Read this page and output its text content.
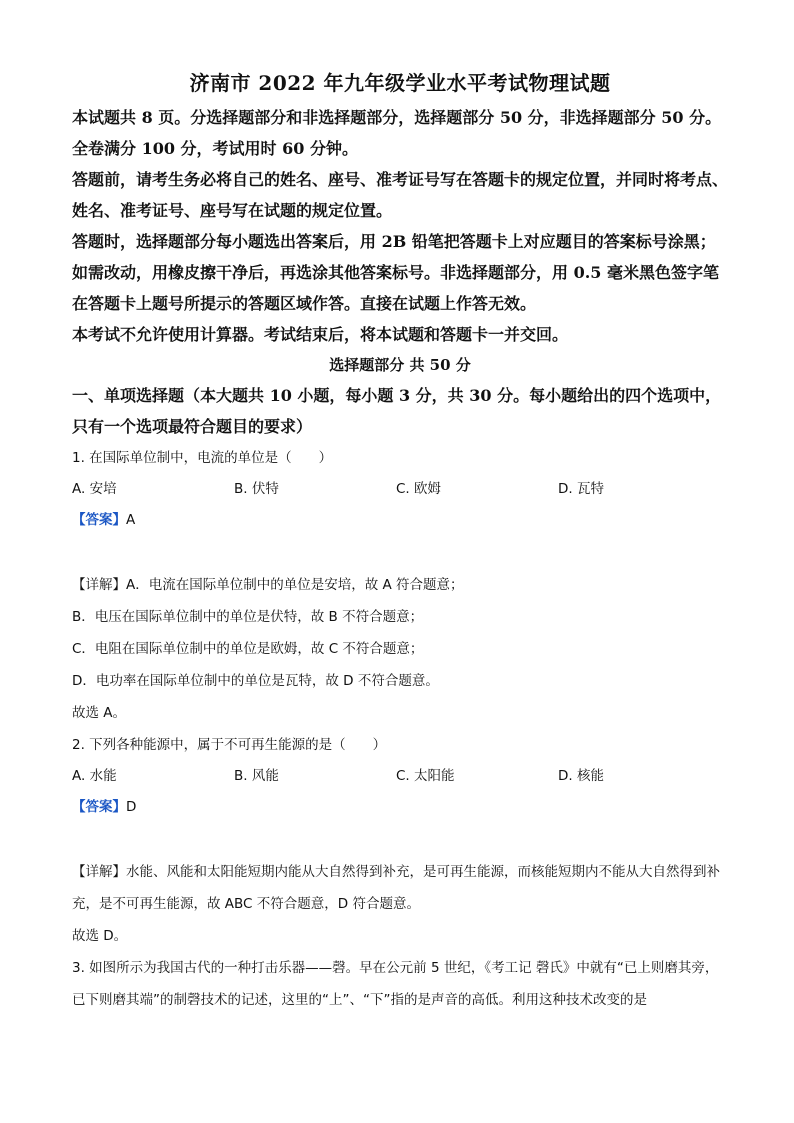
济南市 2022 年九年级学业水平考试物理试题

本试题共 8 页。分选择题部分和非选择题部分，选择题部分 50 分，非选择题部分 50 分。全卷满分 100 分，考试用时 60 分钟。

答题前，请考生务必将自己的姓名、座号、准考证号写在答题卡的规定位置，并同时将考点、姓名、准考证号、座号写在试题的规定位置。

答题时，选择题部分每小题选出答案后，用 2B 铅笔把答题卡上对应题目的答案标号涂黑；如需改动，用橡皮擦干净后，再选涂其他答案标号。非选择题部分，用 0.5 毫米黑色签字笔在答题卡上题号所提示的答题区域作答。直接在试题上作答无效。

本考试不允许使用计算器。考试结束后，将本试题和答题卡一并交回。

选择题部分 共 50 分

一、单项选择题（本大题共 10 小题，每小题 3 分，共 30 分。每小题给出的四个选项中，只有一个选项最符合题目的要求）

1. 在国际单位制中，电流的单位是（　　）

A. 安培	B. 伏特	C. 欧姆	D. 瓦特

【答案】A

【详解】A．电流在国际单位制中的单位是安培，故 A 符合题意；

B．电压在国际单位制中的单位是伏特，故 B 不符合题意；

C．电阻在国际单位制中的单位是欧姆，故 C 不符合题意；

D．电功率在国际单位制中的单位是瓦特，故 D 不符合题意。

故选 A。

2. 下列各种能源中，属于不可再生能源的是（　　）

A. 水能	B. 风能	C. 太阳能	D. 核能

【答案】D

【详解】水能、风能和太阳能短期内能从大自然得到补充，是可再生能源，而核能短期内不能从大自然得到补充，是不可再生能源，故 ABC 不符合题意，D 符合题意。

故选 D。

3. 如图所示为我国古代的一种打击乐器——磬。早在公元前 5 世纪，《考工记 磬氏》中就有“已上则磨其旁，已下则磨其端”的制磬技术的记述，这里的“上”、“下”指的是声音的高低。利用这种技术改变的是
